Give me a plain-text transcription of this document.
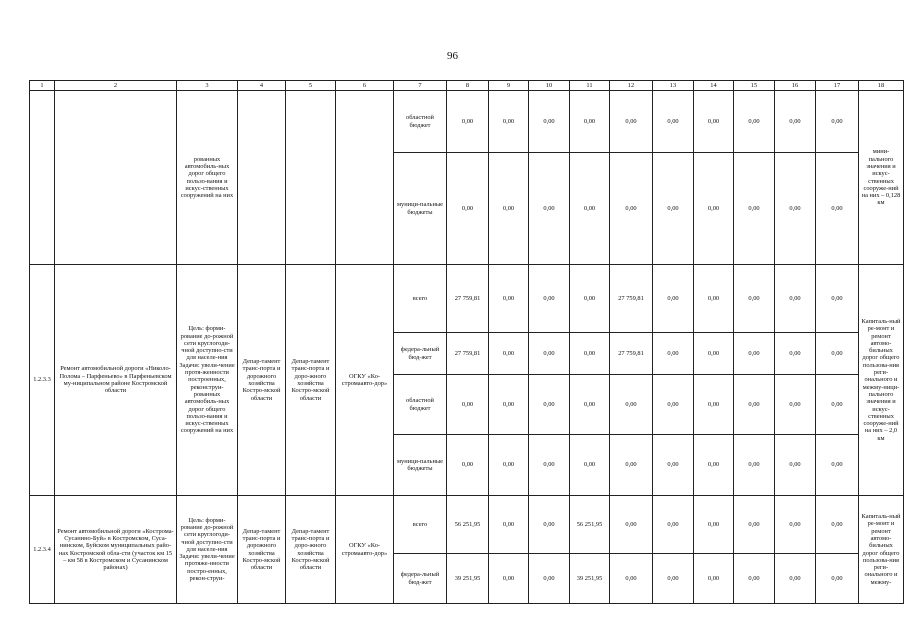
96
1	2	3	4	5	6	7	8	9	10	11	12	13	14	15	16	17	18
		рованных автомобиль-ных дорог общего пользо-вания и искус-ственных сооружений на них				областной бюджет	0,00	0,00	0,00	0,00	0,00	0,00	0,00	0,00	0,00	0,00	мини-пального значения и искус-ственных сооруже-ний на них – 0,128 км
						муници-пальные бюджеты	0,00	0,00	0,00	0,00	0,00	0,00	0,00	0,00	0,00	0,00	
1.2.3.3	Ремонт автомобильной дороги «Николо-Полома – Парфеньево» в Парфеньевском му-ниципальном районе Костромской области	Цель: форми-рование до-рожной сети круглогоди-чной доступно-сти для населе-ния Задачи: увели-чение протя-женности построенных, реконструи-рованных автомобиль-ных дорог общего пользо-вания и искус-ственных сооружений на них	Депар-тамент транс-порта и дорожного хозяйства Костро-мской области	Депар-тамент транс-порта и доро-жного хозяйства Костро-мской области	ОГКУ «Ко-стромаавто-дор»	всего	27 759,81	0,00	0,00	0,00	27 759,81	0,00	0,00	0,00	0,00	0,00	Капиталь-ный ре-монт и ремонт автомо-бильных дорог общего пользова-ния реги-онального и межму-ници-пального значения и искус-ственных сооруже-ний на них – 2,0 км
						федера-льный бюд-жет	27 759,81	0,00	0,00	0,00	27 759,81	0,00	0,00	0,00	0,00	0,00	
						областной бюджет	0,00	0,00	0,00	0,00	0,00	0,00	0,00	0,00	0,00	0,00	
						муници-пальные бюджеты	0,00	0,00	0,00	0,00	0,00	0,00	0,00	0,00	0,00	0,00	
1.2.3.4	Ремонт автомобильной дороги «Кострома-Сусанино-Буй» в Костромском, Суса-нинском, Буйском муниципальных райо-нах Костромской обла-сти (участок км 15 – км 58 в Костромском и Сусанинском районах)	Цель: форми-рование до-рожной сети круглогоди-чной доступно-сти для населе-ния Задачи: увели-чение протяже-нности постро-енных, рекон-струи-	Депар-тамент транс-порта и дорожного хозяйства Костро-мской области	Депар-тамент транс-порта и доро-жного хозяйства Костро-мской области	ОГКУ «Ко-стромаавто-дор»	всего	56 251,95	0,00	0,00	56 251,95	0,00	0,00	0,00	0,00	0,00	0,00	Капиталь-ный ре-монт и ремонт автомо-бильных дорог общего пользова-ния реги-онального и межму-
						федера-льный бюд-жет	39 251,95	0,00	0,00	39 251,95	0,00	0,00	0,00	0,00	0,00	0,00	
